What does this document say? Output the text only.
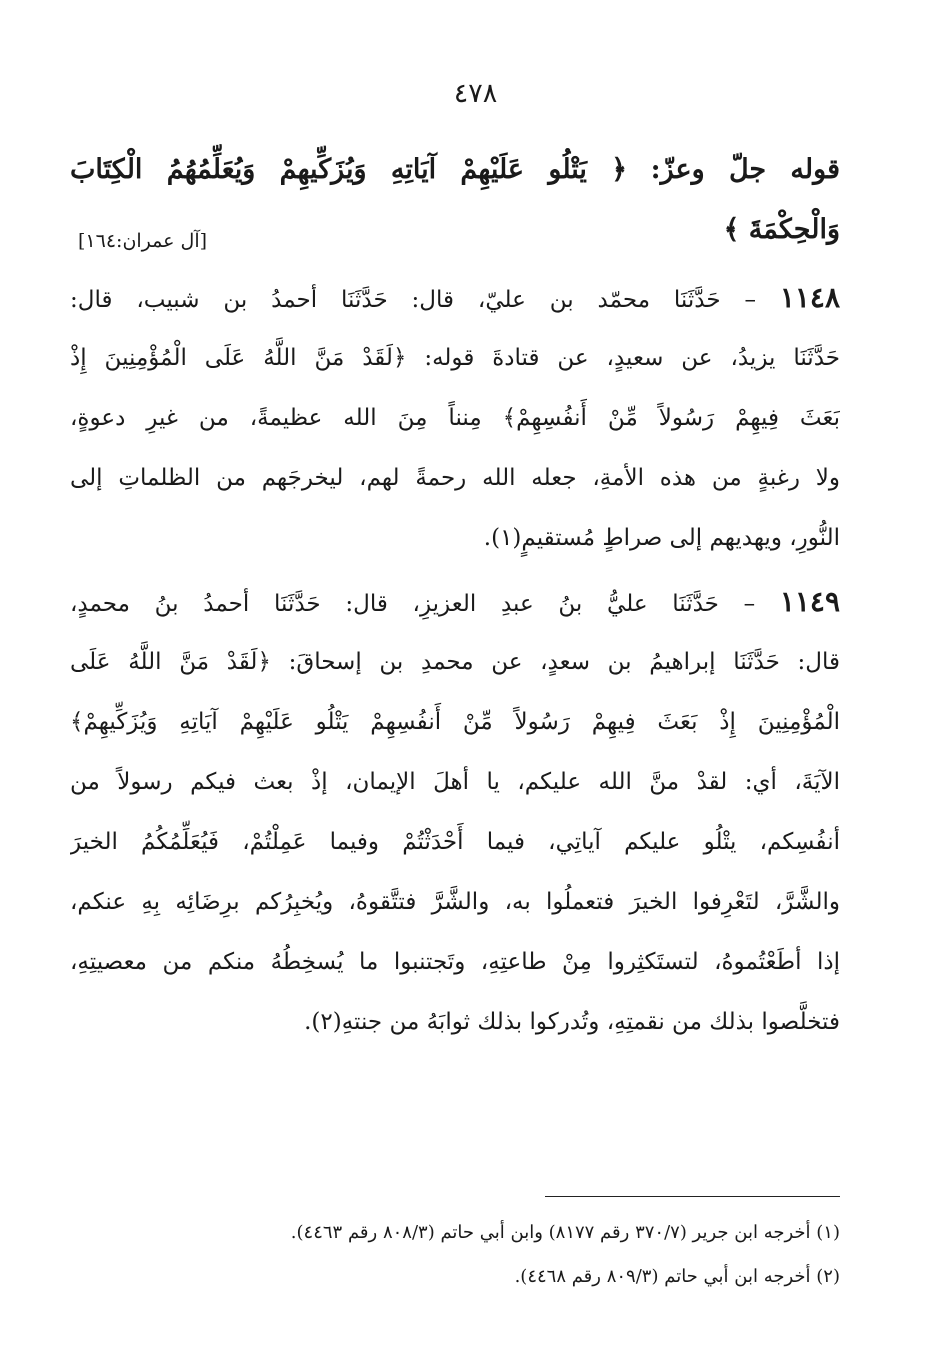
٤٧٨
قوله جلّ وعزّ: ﴿ يَتْلُو عَلَيْهِمْ آيَاتِهِ وَيُزَكِّيهِمْ وَيُعَلِّمُهُمُ الْكِتَابَ
وَالْحِكْمَةَ ﴾
[آل عمران:١٦٤]
١١٤٨ – حَدَّثَنَا محمّد بن عليّ، قال: حَدَّثَنَا أحمدُ بن شبيب، قال:
حَدَّثَنَا يزيدُ، عن سعيدٍ، عن قتادةَ قوله: ﴿لَقَدْ مَنَّ اللَّهُ عَلَى الْمُؤْمِنِينَ إِذْ
بَعَثَ فِيهِمْ رَسُولاً مِّنْ أَنفُسِهِمْ﴾ مِنناً مِنَ الله عظيمةً، من غيرِ دعوةٍ،
ولا رغبةٍ من هذه الأمةِ، جعله الله رحمةً لهم، ليخرجَهم من الظلماتِ إلى
النُّورِ، ويهديهم إلى صراطٍ مُستقيمٍ(١).
١١٤٩ – حَدَّثَنَا عليُّ بنُ عبدِ العزيزِ، قال: حَدَّثَنَا أحمدُ بنُ محمدٍ،
قال: حَدَّثَنَا إبراهيمُ بن سعدٍ، عن محمدِ بن إسحاقَ: ﴿لَقَدْ مَنَّ اللَّهُ عَلَى
الْمُؤْمِنِينَ إِذْ بَعَثَ فِيهِمْ رَسُولاً مِّنْ أَنفُسِهِمْ يَتْلُو عَلَيْهِمْ آيَاتِهِ وَيُزَكِّيهِمْ﴾
الآيَةَ، أي: لقدْ منَّ الله عليكم، يا أهلَ الإيمان، إذْ بعث فيكم رسولاً من
أنفُسِكم، يتْلُو عليكم آياتِي، فيما أَحْدَثْتُمْ وفيما عَمِلْتُمْ، فَيُعَلِّمُكُمُ الخيرَ
والشَّرَّ، لتَعْرِفوا الخيرَ فتعملُوا به، والشَّرَّ فتتَّقوهُ، ويُخبِرُكم برِضَائِه بِهِ عنكم،
إذا أطَعْتُموهُ، لتستَكثِروا مِنْ طاعتِهِ، وتَجتنبوا ما يُسخِطُهُ منكم من معصيتِهِ،
فتخلَّصوا بذلك من نقمتِهِ، وتُدركوا بذلك ثوابَهُ من جنتهِ(٢).
(١) أخرجه ابن جرير (٣٧٠/٧ رقم ٨١٧٧) وابن أبي حاتم (٨٠٨/٣ رقم ٤٤٦٣).
(٢) أخرجه ابن أبي حاتم (٨٠٩/٣ رقم ٤٤٦٨).
